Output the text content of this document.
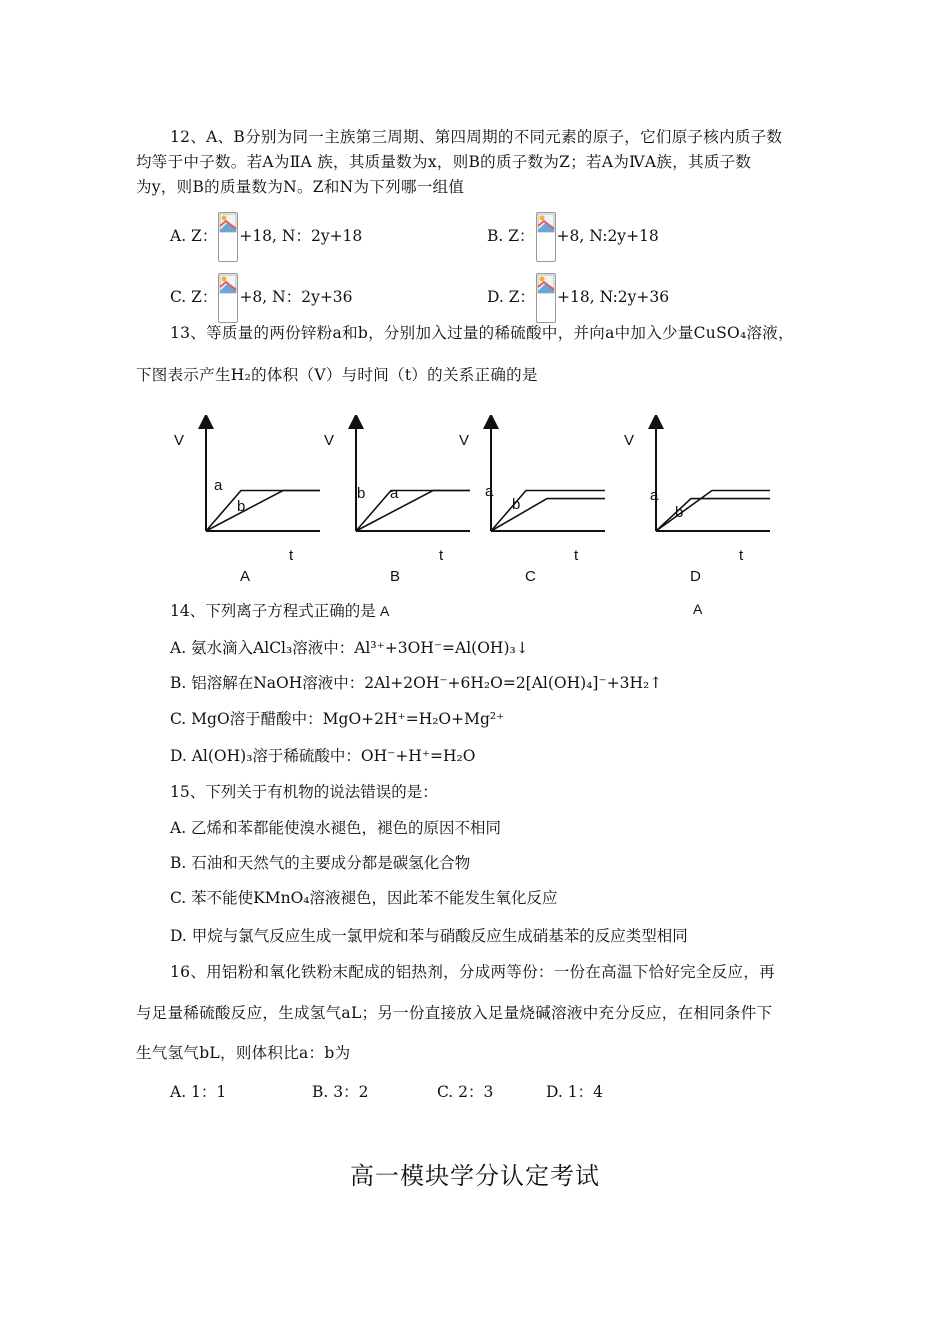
12、A、B分别为同一主族第三周期、第四周期的不同元素的原子，它们原子核内质子数
均等于中子数。若A为ⅡA 族，其质量数为x，则B的质子数为Z；若A为ⅣA族，其质子数
为y，则B的质量数为N。Z和N为下列哪一组值
A. Z： +18, N：2y+18	B. Z： +8, N:2y+18
C. Z： +8, N：2y+36	D. Z： +18, N:2y+36
13、等质量的两份锌粉a和b，分别加入过量的稀硫酸中，并向a中加入少量CuSO₄溶液，
下图表示产生H₂的体积（V）与时间（t）的关系正确的是
V
t
a
b
A
V
t
b a
B
V
t
a
b
C
V
t
a
b
D
A	A
14、下列离子方程式正确的是
A. 氨水滴入AlCl₃溶液中：Al³⁺+3OH⁻=Al(OH)₃↓
B. 铝溶解在NaOH溶液中：2Al+2OH⁻+6H₂O=2[Al(OH)₄]⁻+3H₂↑
C. MgO溶于醋酸中：MgO+2H⁺=H₂O+Mg²⁺
D. Al(OH)₃溶于稀硫酸中：OH⁻+H⁺=H₂O
15、下列关于有机物的说法错误的是：
A. 乙烯和苯都能使溴水褪色，褪色的原因不相同
B. 石油和天然气的主要成分都是碳氢化合物
C. 苯不能使KMnO₄溶液褪色，因此苯不能发生氧化反应
D. 甲烷与氯气反应生成一氯甲烷和苯与硝酸反应生成硝基苯的反应类型相同
16、用铝粉和氧化铁粉末配成的铝热剂，分成两等份：一份在高温下恰好完全反应，再
与足量稀硫酸反应，生成氢气aL；另一份直接放入足量烧碱溶液中充分反应，在相同条件下
生气氢气bL，则体积比a：b为
A. 1：1	B. 3：2	C. 2：3	D. 1：4
高一模块学分认定考试
